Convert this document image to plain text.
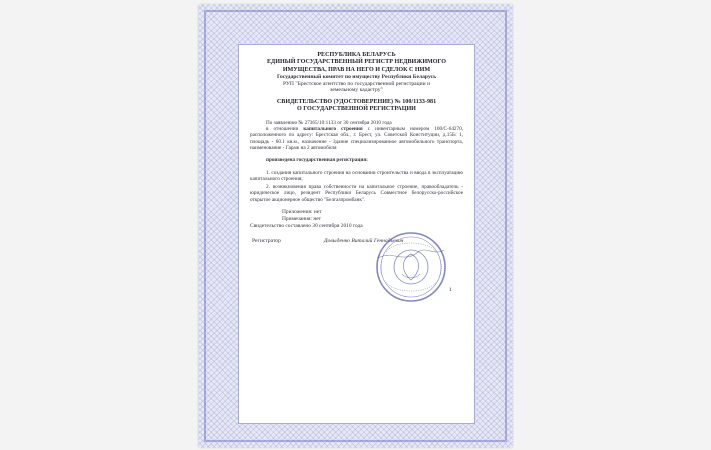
РЕСПУБЛИКА БЕЛАРУСЬ
ЕДИНЫЙ ГОСУДАРСТВЕННЫЙ РЕГИСТР НЕДВИЖИМОГО
ИМУЩЕСТВА, ПРАВ НА НЕГО И СДЕЛОК С НИМ
Государственный комитет по имуществу Республики Беларусь
РУП "Брестское агентство по государственной регистрации и
земельному кадастру"
СВИДЕТЕЛЬСТВО (УДОСТОВЕРЕНИЕ) № 100/1133-981
О ГОСУДАРСТВЕННОЙ РЕГИСТРАЦИИ
По заявлению № 27365/10:1133 от 30 сентября 2010 года
в отношении капитального строения с инвентарным номером 100/С-64270, расположенного по адресу: Брестская обл., г. Брест, ул. Советской Конституции, д.15Б/ 1, площадь - 60.1 кв.м., назначение - Здание специализированное автомобильного транспорта, наименование - Гараж на 2 автомобиля
произведена государственная регистрация:
1. создания капитального строения на основании строительства и ввода в эксплуатацию капитального строения;
2. возникновения права собственности на капитальное строение, правообладатель - юридическое лицо, резидент Республики Беларусь Совместное белорусско-российское открытое акционерное общество "Белгазпромбанк".
Приложения: нет
Примечания: нет
Свидетельство составлено 30 сентября 2010 года
Регистратор	Довыденко Виталий Геннадьевич
1
